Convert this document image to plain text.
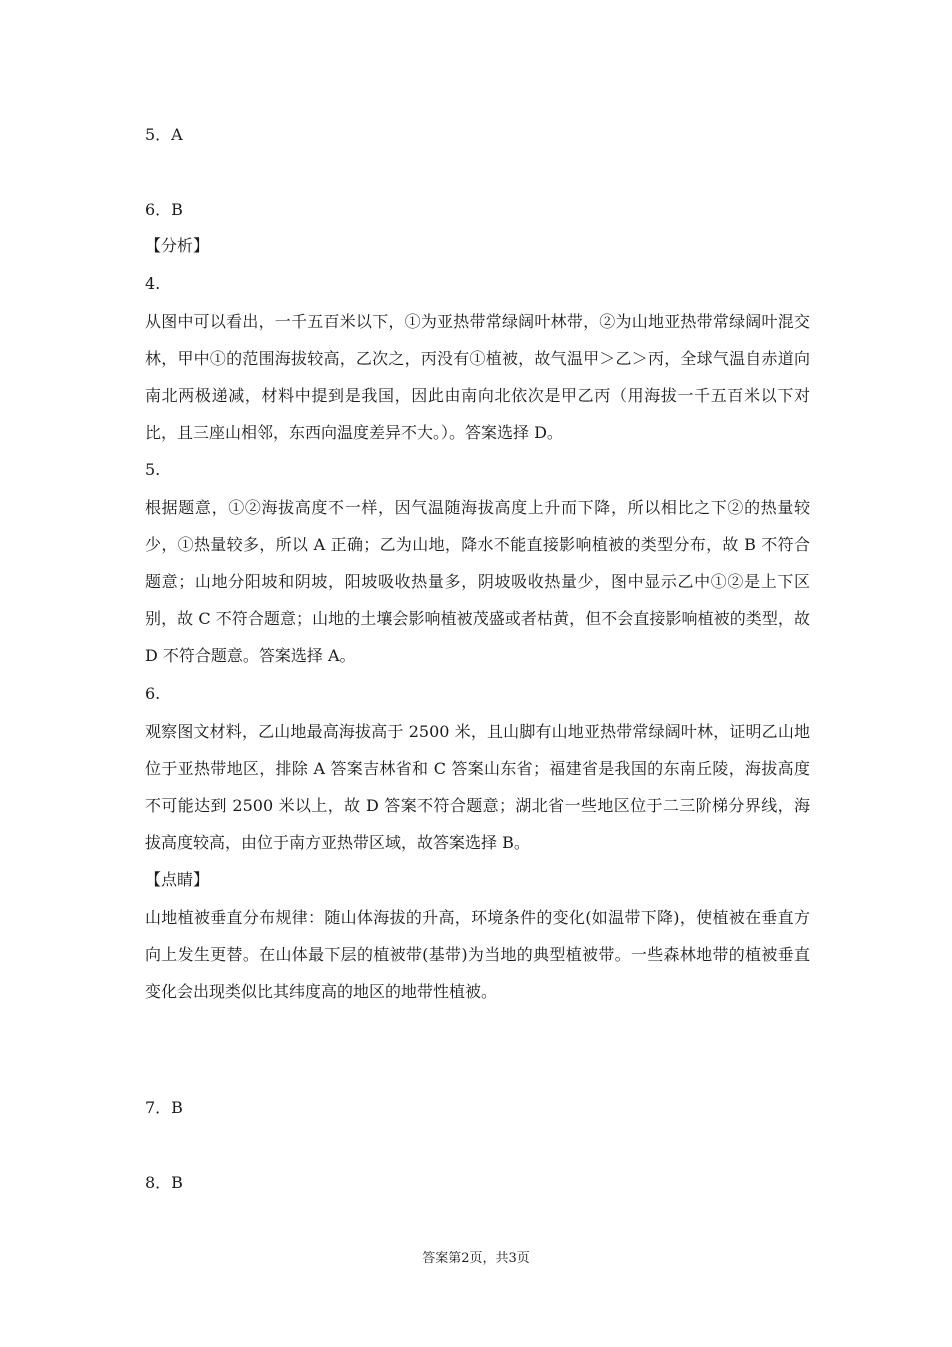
5．A
6．B
【分析】
4.
从图中可以看出，一千五百米以下，①为亚热带常绿阔叶林带，②为山地亚热带常绿阔叶混交林，甲中①的范围海拔较高，乙次之，丙没有①植被，故气温甲＞乙＞丙，全球气温自赤道向南北两极递减，材料中提到是我国，因此由南向北依次是甲乙丙（用海拔一千五百米以下对比，且三座山相邻，东西向温度差异不大。）。答案选择 D。
5.
根据题意，①②海拔高度不一样，因气温随海拔高度上升而下降，所以相比之下②的热量较少，①热量较多，所以 A 正确；乙为山地，降水不能直接影响植被的类型分布，故 B 不符合题意；山地分阳坡和阴坡，阳坡吸收热量多，阴坡吸收热量少，图中显示乙中①②是上下区别，故 C 不符合题意；山地的土壤会影响植被茂盛或者枯黄，但不会直接影响植被的类型，故 D 不符合题意。答案选择 A。
6.
观察图文材料，乙山地最高海拔高于 2500 米，且山脚有山地亚热带常绿阔叶林，证明乙山地位于亚热带地区，排除 A 答案吉林省和 C 答案山东省；福建省是我国的东南丘陵，海拔高度不可能达到 2500 米以上，故 D 答案不符合题意；湖北省一些地区位于二三阶梯分界线，海拔高度较高，由位于南方亚热带区域，故答案选择 B。
【点睛】
山地植被垂直分布规律：随山体海拔的升高，环境条件的变化(如温带下降)，使植被在垂直方向上发生更替。在山体最下层的植被带(基带)为当地的典型植被带。一些森林地带的植被垂直变化会出现类似比其纬度高的地区的地带性植被。
7．B
8．B
答案第2页，共3页
